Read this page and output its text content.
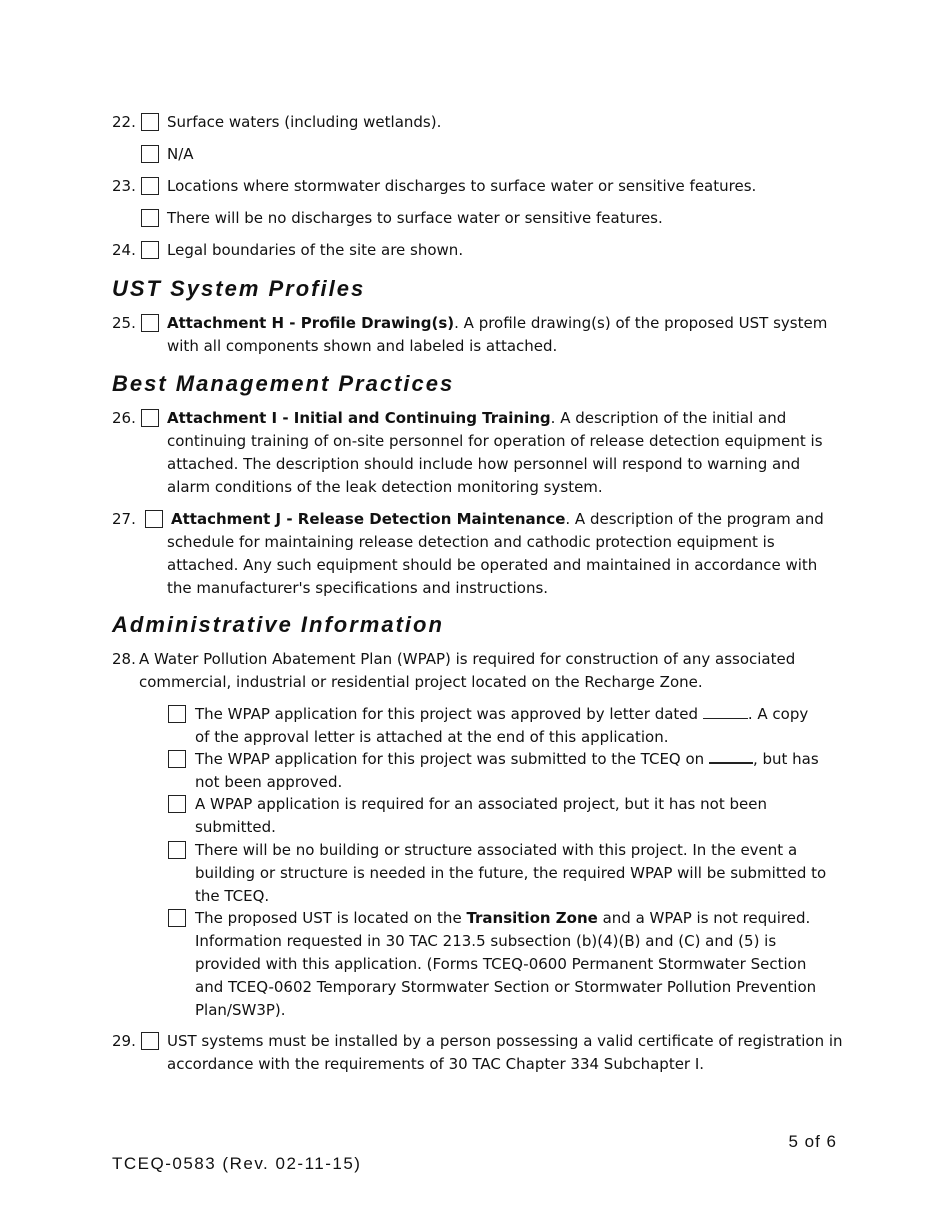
22. Surface waters (including wetlands).
N/A
23. Locations where stormwater discharges to surface water or sensitive features.
There will be no discharges to surface water or sensitive features.
24. Legal boundaries of the site are shown.
UST System Profiles
25. Attachment H - Profile Drawing(s). A profile drawing(s) of the proposed UST system
with all components shown and labeled is attached.
Best Management Practices
26. Attachment I - Initial and Continuing Training. A description of the initial and
continuing training of on-site personnel for operation of release detection equipment is
attached. The description should include how personnel will respond to warning and
alarm conditions of the leak detection monitoring system.
27. Attachment J - Release Detection Maintenance. A description of the program and
schedule for maintaining release detection and cathodic protection equipment is
attached. Any such equipment should be operated and maintained in accordance with
the manufacturer's specifications and instructions.
Administrative Information
28. A Water Pollution Abatement Plan (WPAP) is required for construction of any associated
commercial, industrial or residential project located on the Recharge Zone.
The WPAP application for this project was approved by letter dated	. A copy
of the approval letter is attached at the end of this application.
The WPAP application for this project was submitted to the TCEQ on	, but has
not been approved.
A WPAP application is required for an associated project, but it has not been
submitted.
There will be no building or structure associated with this project. In the event a
building or structure is needed in the future, the required WPAP will be submitted to
the TCEQ.
The proposed UST is located on the Transition Zone and a WPAP is not required.
Information requested in 30 TAC 213.5 subsection (b)(4)(B) and (C) and (5) is
provided with this application. (Forms TCEQ-0600 Permanent Stormwater Section
and TCEQ-0602 Temporary Stormwater Section or Stormwater Pollution Prevention
Plan/SW3P).
29. UST systems must be installed by a person possessing a valid certificate of registration in
accordance with the requirements of 30 TAC Chapter 334 Subchapter I.
5 of 6
TCEQ-0583 (Rev. 02-11-15)
